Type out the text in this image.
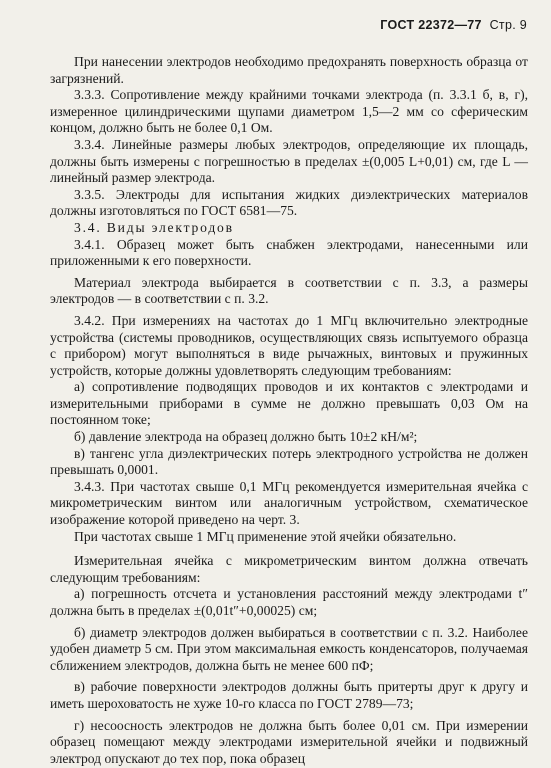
ГОСТ 22372—77 Стр. 9

При нанесении электродов необходимо предохранять поверхность образца от загрязнений.

3.3.3. Сопротивление между крайними точками электрода (п. 3.3.1 б, в, г), измеренное цилиндрическими щупами диаметром 1,5—2 мм со сферическим концом, должно быть не более 0,1 Ом.

3.3.4. Линейные размеры любых электродов, определяющие их площадь, должны быть измерены с погрешностью в пределах ±(0,005 L+0,01) см, где L — линейный размер электрода.

3.3.5. Электроды для испытания жидких диэлектрических материалов должны изготовляться по ГОСТ 6581—75.

3.4. Виды электродов

3.4.1. Образец может быть снабжен электродами, нанесенными или приложенными к его поверхности.

Материал электрода выбирается в соответствии с п. 3.3, а размеры электродов — в соответствии с п. 3.2.

3.4.2. При измерениях на частотах до 1 МГц включительно электродные устройства (системы проводников, осуществляющих связь испытуемого образца с прибором) могут выполняться в виде рычажных, винтовых и пружинных устройств, которые должны удовлетворять следующим требованиям:

а) сопротивление подводящих проводов и их контактов с электродами и измерительными приборами в сумме не должно превышать 0,03 Ом на постоянном токе;

б) давление электрода на образец должно быть 10±2 кН/м²;

в) тангенс угла диэлектрических потерь электродного устройства не должен превышать 0,0001.

3.4.3. При частотах свыше 0,1 МГц рекомендуется измерительная ячейка с микрометрическим винтом или аналогичным устройством, схематическое изображение которой приведено на черт. 3.

При частотах свыше 1 МГц применение этой ячейки обязательно.

Измерительная ячейка с микрометрическим винтом должна отвечать следующим требованиям:

а) погрешность отсчета и установления расстояний между электродами t″ должна быть в пределах ±(0,01t″+0,00025) см;

б) диаметр электродов должен выбираться в соответствии с п. 3.2. Наиболее удобен диаметр 5 см. При этом максимальная емкость конденсаторов, получаемая сближением электродов, должна быть не менее 600 пФ;

в) рабочие поверхности электродов должны быть притерты друг к другу и иметь шероховатость не хуже 10-го класса по ГОСТ 2789—73;

г) несоосность электродов не должна быть более 0,01 см. При измерении образец помещают между электродами измерительной ячейки и подвижный электрод опускают до тех пор, пока образец
